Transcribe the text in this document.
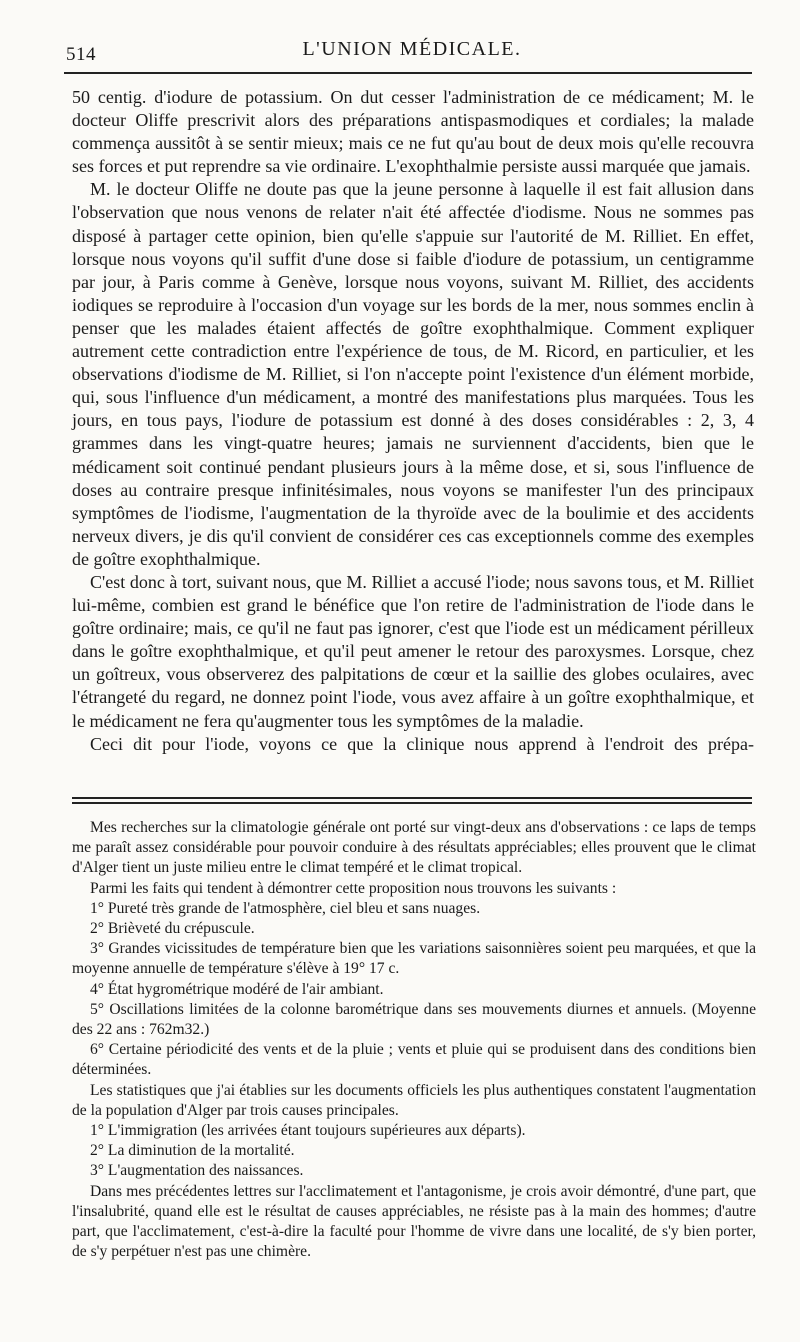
514	L'UNION MÉDICALE.

50 centig. d'iodure de potassium. On dut cesser l'administration de ce médicament; M. le docteur Oliffe prescrivit alors des préparations antispasmodiques et cordiales; la malade commença aussitôt à se sentir mieux; mais ce ne fut qu'au bout de deux mois qu'elle recouvra ses forces et put reprendre sa vie ordinaire. L'exophthalmie persiste aussi marquée que jamais.

M. le docteur Oliffe ne doute pas que la jeune personne à laquelle il est fait allusion dans l'observation que nous venons de relater n'ait été affectée d'iodisme. Nous ne sommes pas disposé à partager cette opinion, bien qu'elle s'appuie sur l'autorité de M. Rilliet. En effet, lorsque nous voyons qu'il suffit d'une dose si faible d'iodure de potassium, un centigramme par jour, à Paris comme à Genève, lorsque nous voyons, suivant M. Rilliet, des accidents iodiques se reproduire à l'occasion d'un voyage sur les bords de la mer, nous sommes enclin à penser que les malades étaient affectés de goître exophthalmique. Comment expliquer autrement cette contradiction entre l'expérience de tous, de M. Ricord, en particulier, et les observations d'iodisme de M. Rilliet, si l'on n'accepte point l'existence d'un élément morbide, qui, sous l'influence d'un médicament, a montré des manifestations plus marquées. Tous les jours, en tous pays, l'iodure de potassium est donné à des doses considérables : 2, 3, 4 grammes dans les vingt-quatre heures; jamais ne surviennent d'accidents, bien que le médicament soit continué pendant plusieurs jours à la même dose, et si, sous l'influence de doses au contraire presque infinitésimales, nous voyons se manifester l'un des principaux symptômes de l'iodisme, l'augmentation de la thyroïde avec de la boulimie et des accidents nerveux divers, je dis qu'il convient de considérer ces cas exceptionnels comme des exemples de goître exophthalmique.

C'est donc à tort, suivant nous, que M. Rilliet a accusé l'iode; nous savons tous, et M. Rilliet lui-même, combien est grand le bénéfice que l'on retire de l'administration de l'iode dans le goître ordinaire; mais, ce qu'il ne faut pas ignorer, c'est que l'iode est un médicament périlleux dans le goître exophthalmique, et qu'il peut amener le retour des paroxysmes. Lorsque, chez un goîtreux, vous observerez des palpitations de cœur et la saillie des globes oculaires, avec l'étrangeté du regard, ne donnez point l'iode, vous avez affaire à un goître exophthalmique, et le médicament ne fera qu'augmenter tous les symptômes de la maladie.

Ceci dit pour l'iode, voyons ce que la clinique nous apprend à l'endroit des prépa-

Mes recherches sur la climatologie générale ont porté sur vingt-deux ans d'observations : ce laps de temps me paraît assez considérable pour pouvoir conduire à des résultats appréciables; elles prouvent que le climat d'Alger tient un juste milieu entre le climat tempéré et le climat tropical.

Parmi les faits qui tendent à démontrer cette proposition nous trouvons les suivants :

1° Pureté très grande de l'atmosphère, ciel bleu et sans nuages.

2° Brièveté du crépuscule.

3° Grandes vicissitudes de température bien que les variations saisonnières soient peu marquées, et que la moyenne annuelle de température s'élève à 19° 17 c.

4° État hygrométrique modéré de l'air ambiant.

5° Oscillations limitées de la colonne barométrique dans ses mouvements diurnes et annuels. (Moyenne des 22 ans : 762m32.)

6° Certaine périodicité des vents et de la pluie ; vents et pluie qui se produisent dans des conditions bien déterminées.

Les statistiques que j'ai établies sur les documents officiels les plus authentiques constatent l'augmentation de la population d'Alger par trois causes principales.

1° L'immigration (les arrivées étant toujours supérieures aux départs).

2° La diminution de la mortalité.

3° L'augmentation des naissances.

Dans mes précédentes lettres sur l'acclimatement et l'antagonisme, je crois avoir démontré, d'une part, que l'insalubrité, quand elle est le résultat de causes appréciables, ne résiste pas à la main des hommes; d'autre part, que l'acclimatement, c'est-à-dire la faculté pour l'homme de vivre dans une localité, de s'y bien porter, de s'y perpétuer n'est pas une chimère.
